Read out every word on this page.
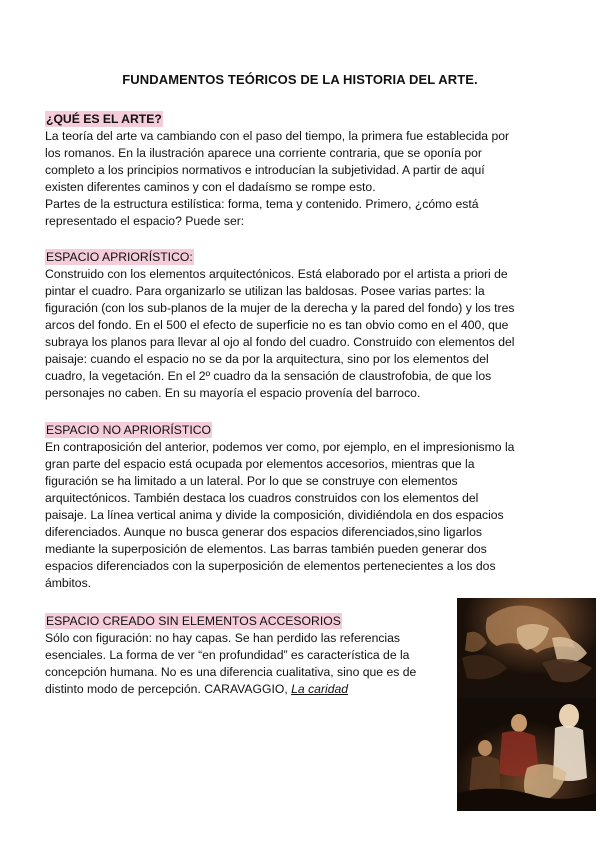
FUNDAMENTOS TEÓRICOS DE LA HISTORIA DEL ARTE.
¿QUÉ ES EL ARTE?
La teoría del arte va cambiando con el paso del tiempo, la primera fue establecida por
los romanos. En la ilustración aparece una corriente contraria, que se oponía por
completo a los principios normativos e introducían la subjetividad. A partir de aquí
existen diferentes caminos y con el dadaísmo se rompe esto.
Partes de la estructura estilística: forma, tema y contenido. Primero, ¿cómo está
representado el espacio? Puede ser:
ESPACIO APRIORÍSTICO:
Construido con los elementos arquitectónicos. Está elaborado por el artista a priori de
pintar el cuadro. Para organizarlo se utilizan las baldosas. Posee varias partes: la
figuración (con los sub-planos de la mujer de la derecha y la pared del fondo) y los tres
arcos del fondo. En el 500 el efecto de superficie no es tan obvio como en el 400, que
subraya los planos para llevar al ojo al fondo del cuadro. Construido con elementos del
paisaje: cuando el espacio no se da por la arquitectura, sino por los elementos del
cuadro, la vegetación. En el 2º cuadro da la sensación de claustrofobia, de que los
personajes no caben. En su mayoría el espacio provenía del barroco.
ESPACIO NO APRIORÍSTICO
En contraposición del anterior, podemos ver como, por ejemplo, en el impresionismo la
gran parte del espacio está ocupada por elementos accesorios, mientras que la
figuración se ha limitado a un lateral. Por lo que se construye con elementos
arquitectónicos. También destaca los cuadros construidos con los elementos del
paisaje. La línea vertical anima y divide la composición, dividiéndola en dos espacios
diferenciados. Aunque no busca generar dos espacios diferenciados,sino ligarlos
mediante la superposición de elementos. Las barras también pueden generar dos
espacios diferenciados con la superposición de elementos pertenecientes a los dos
ámbitos.
ESPACIO CREADO SIN ELEMENTOS ACCESORIOS
Sólo con figuración: no hay capas. Se han perdido las referencias
esenciales. La forma de ver “en profundidad” es característica de la
concepción humana. No es una diferencia cualitativa, sino que es de
distinto modo de percepción. CARAVAGGIO, La caridad
